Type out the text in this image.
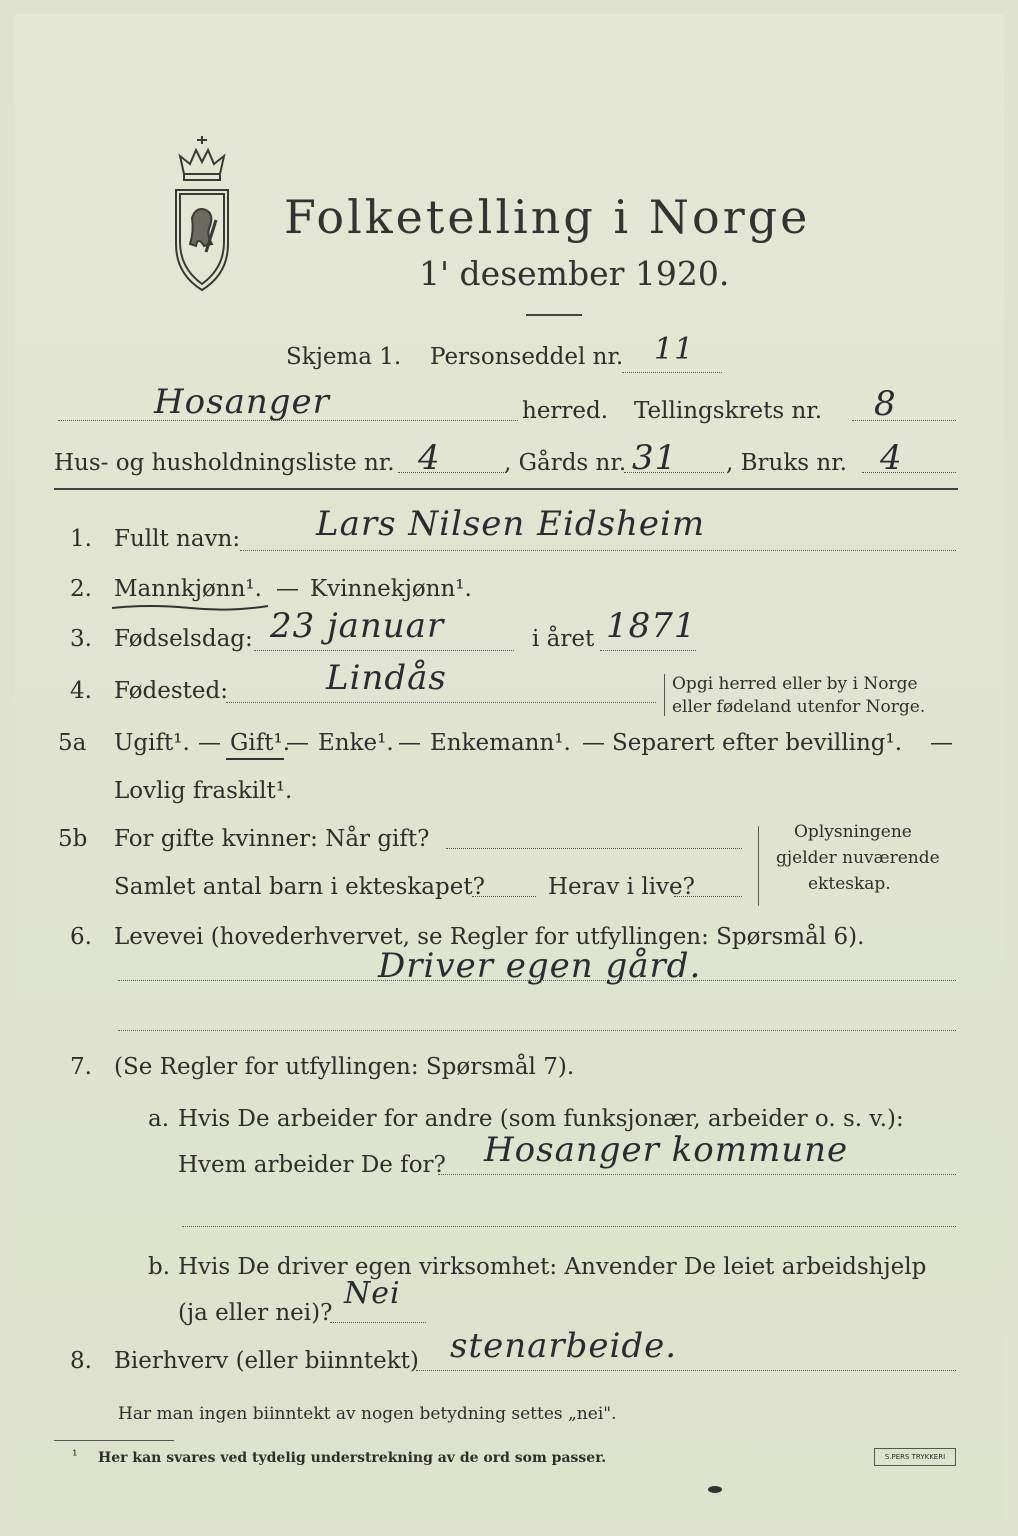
Folketelling i Norge
1' desember 1920.
Skjema 1. Personseddel nr. 11
Hosanger	herred. Tellingskrets nr. 8
Hus- og husholdningsliste nr. 4	, Gårds nr. 31 , Bruks nr. 4
1. Fullt navn: Lars Nilsen Eidsheim
2. Mannkjønn¹. — Kvinnekjønn¹.
3. Fødselsdag: 23 januar	i året 1871
4. Fødested:	Lindås	Opgi herred eller by i Norge
eller fødeland utenfor Norge.
5a Ugift¹. — Gift¹.
— Enke¹. — Enkemann¹. — Separert efter bevilling¹. —
Lovlig fraskilt¹.
5b For gifte kvinner: Når gift?
Samlet antal barn i ekteskapet?	Herav i live?
Oplysningene
gjelder nuværende
ekteskap.
6. Levevei (hovederhvervet, se Regler for utfyllingen: Spørsmål 6).
Driver egen gård.
7. (Se Regler for utfyllingen: Spørsmål 7).
a. Hvis De arbeider for andre (som funksjonær, arbeider o. s. v.):
Hvem arbeider De for? Hosanger kommune
b. Hvis De driver egen virksomhet: Anvender De leiet arbeidshjelp
(ja eller nei)?
Nei
8. Bierhverv (eller biinntekt) stenarbeide.
Har man ingen biinntekt av nogen betydning settes „nei".
¹ Her kan svares ved tydelig understrekning av de ord som passer.	S.PERS TRYKKERI
